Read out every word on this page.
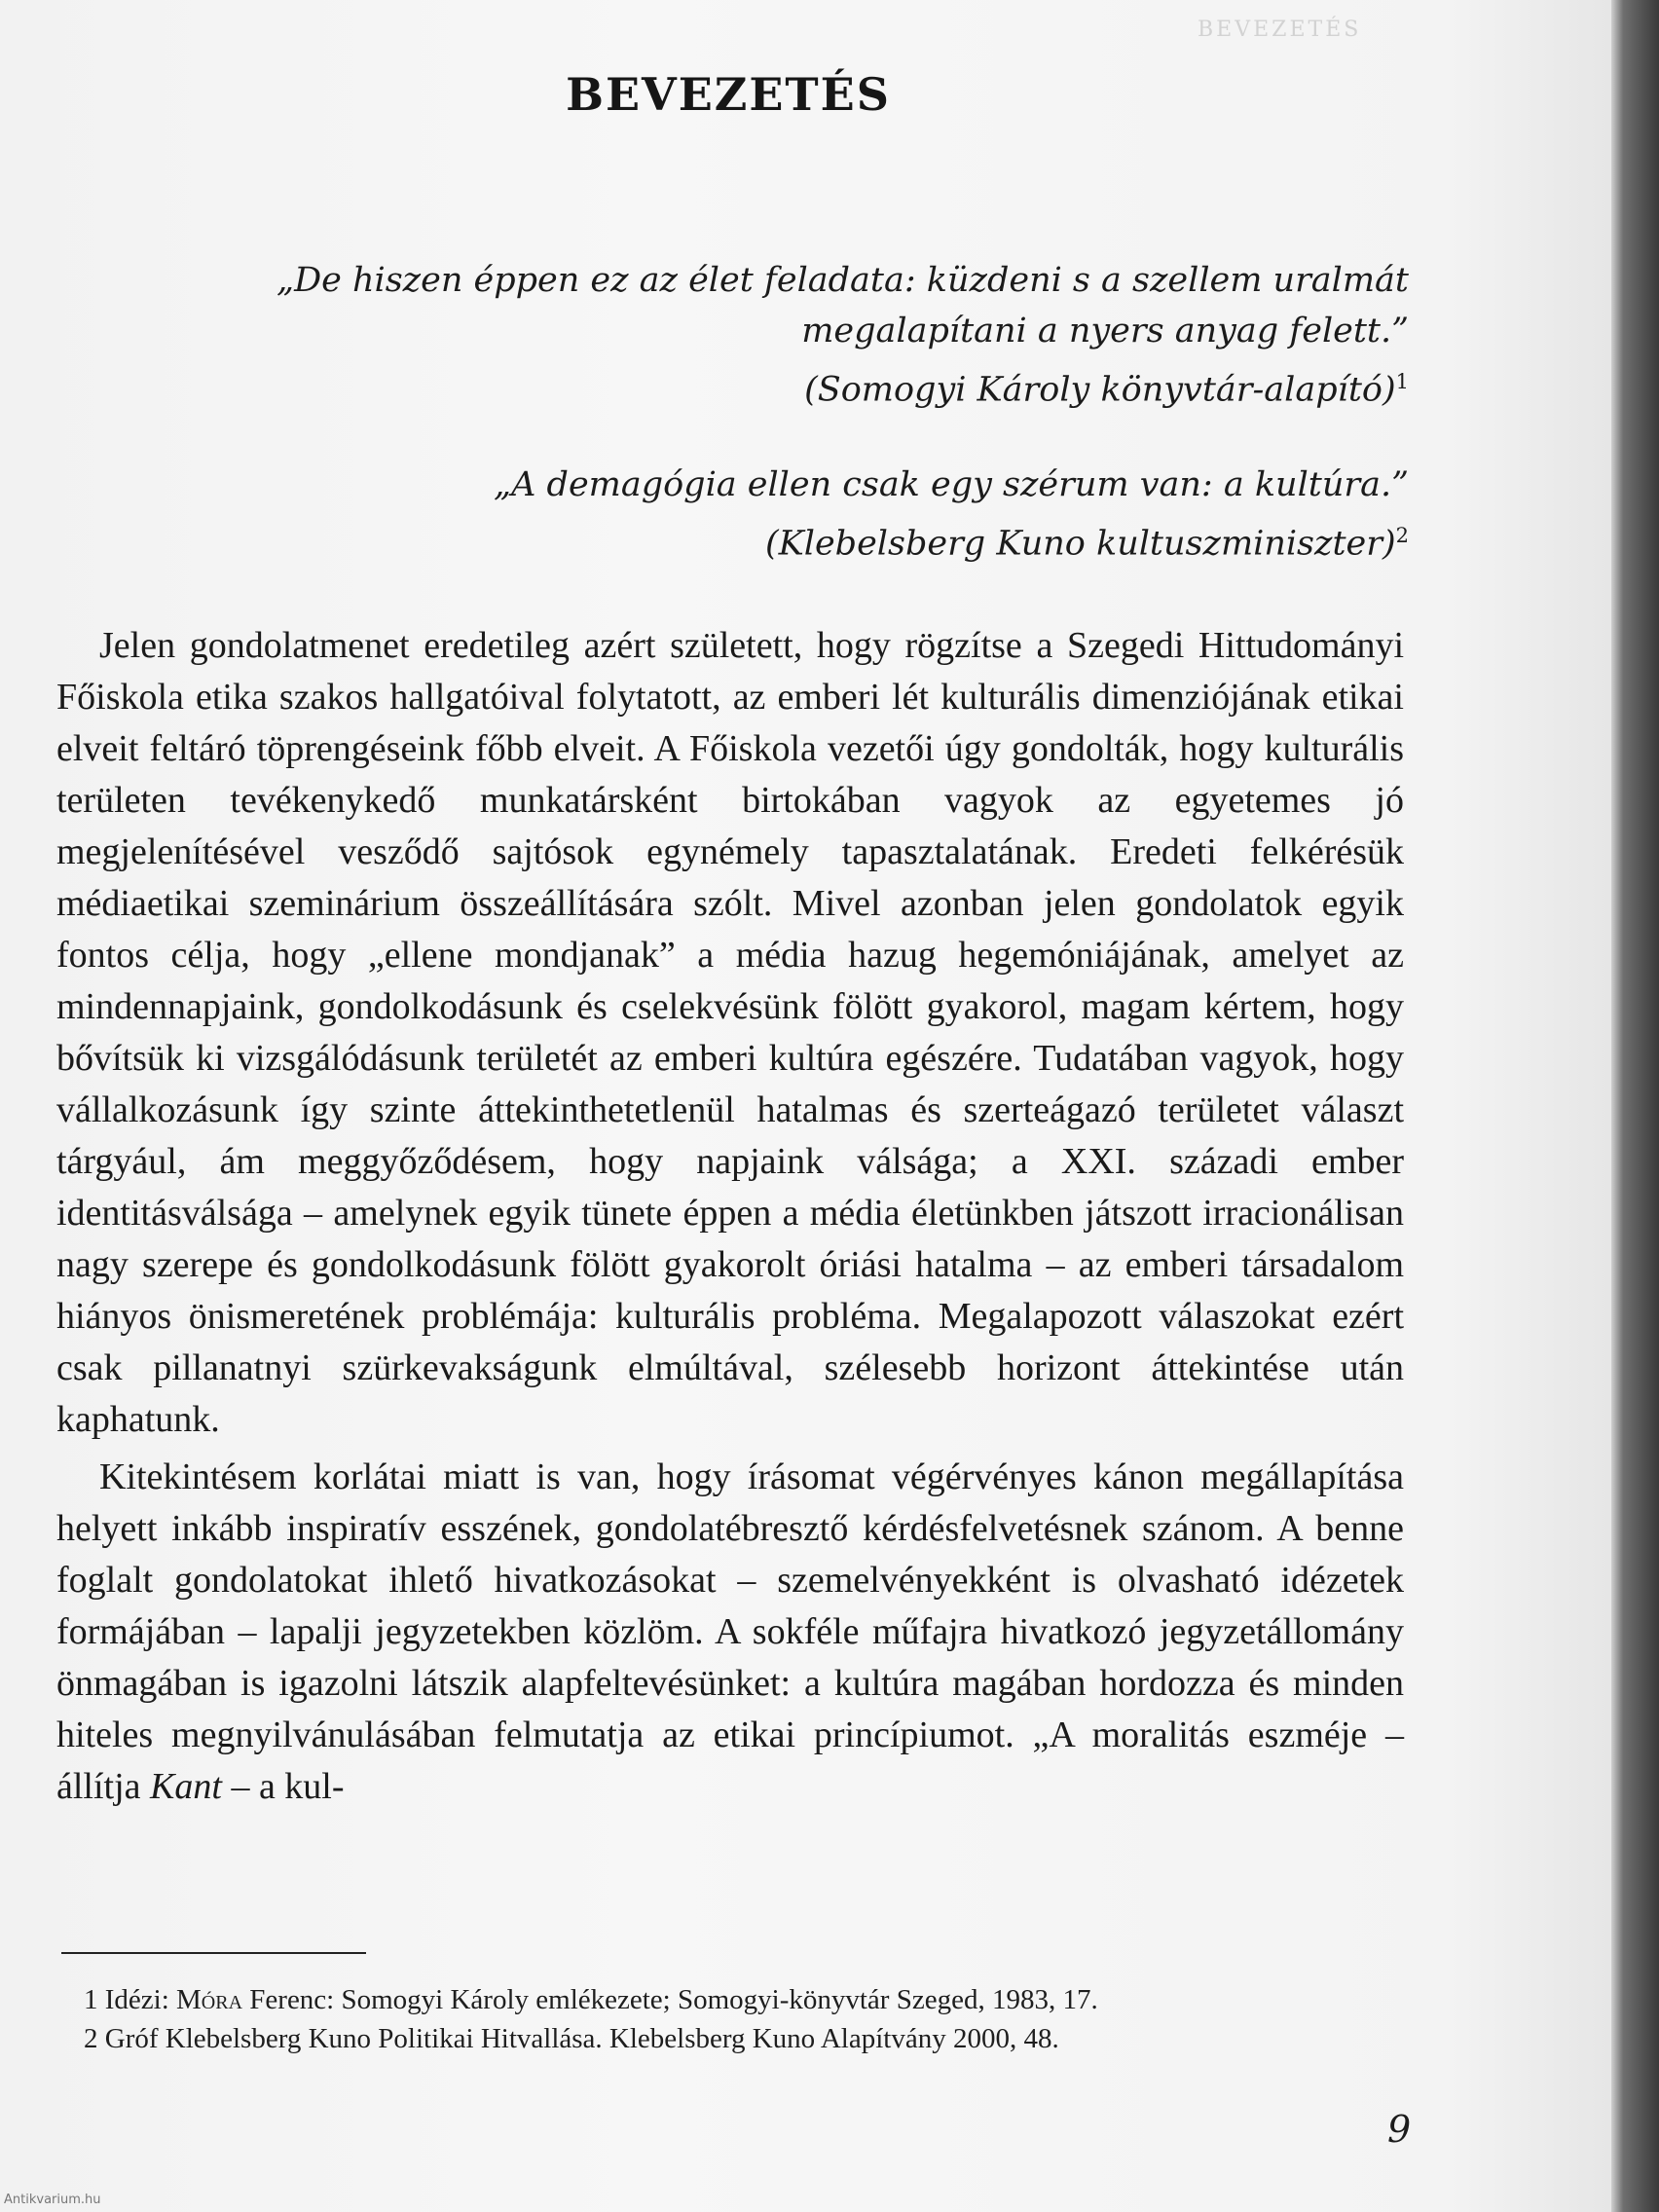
BEVEZETÉS
BEVEZETÉS
„De hiszen éppen ez az élet feladata: küzdeni s a szellem uralmát
megalapítani a nyers anyag felett.”
(Somogyi Károly könyvtár-alapító)$^1$
„A demagógia ellen csak egy szérum van: a kultúra.”
(Klebelsberg Kuno kultuszminiszter)$^2$

Jelen gondolatmenet eredetileg azért született, hogy rögzítse a Szegedi Hittudományi Főiskola etika szakos hallgatóival folytatott, az emberi lét kulturális dimenziójának etikai elveit feltáró töprengéseink főbb elveit. A Főiskola vezetői úgy gondolták, hogy kulturális területen tevékenykedő munkatársként birtokában vagyok az egyetemes jó megjelenítésével vesződő sajtósok egynémely tapasztalatának. Eredeti felkérésük médiaetikai szeminárium összeállítására szólt. Mivel azonban jelen gondolatok egyik fontos célja, hogy „ellene mondjanak” a média hazug hegemóniájának, amelyet az mindennapjaink, gondolkodásunk és cselekvésünk fölött gyakorol, magam kértem, hogy bővítsük ki vizsgálódásunk területét az emberi kultúra egészére. Tudatában vagyok, hogy vállalkozásunk így szinte áttekinthetetlenül hatalmas és szerteágazó területet választ tárgyául, ám meggyőződésem, hogy napjaink válsága; a XXI. századi ember identitásválsága – amelynek egyik tünete éppen a média életünkben játszott irracionálisan nagy szerepe és gondolkodásunk fölött gyakorolt óriási hatalma – az emberi társadalom hiányos önismeretének problémája: kulturális probléma. Megalapozott válaszokat ezért csak pillanatnyi szürkevakságunk elmúltával, szélesebb horizont áttekintése után kaphatunk.

Kitekintésem korlátai miatt is van, hogy írásomat végérvényes kánon megállapítása helyett inkább inspiratív esszének, gondolatébresztő kérdésfelvetésnek szánom. A benne foglalt gondolatokat ihlető hivatkozásokat – szemelvényekként is olvasható idézetek formájában – lapalji jegyzetekben közlöm. A sokféle műfajra hivatkozó jegyzetállomány önmagában is igazolni látszik alapfeltevésünket: a kultúra magában hordozza és minden hiteles megnyilvánulásában felmutatja az etikai princípiumot. „A moralitás eszméje – állítja Kant – a kul-

1 Idézi: Móra Ferenc: Somogyi Károly emlékezete; Somogyi-könyvtár Szeged, 1983, 17.
2 Gróf Klebelsberg Kuno Politikai Hitvallása. Klebelsberg Kuno Alapítvány 2000, 48.
9
Antikvarium.hu
